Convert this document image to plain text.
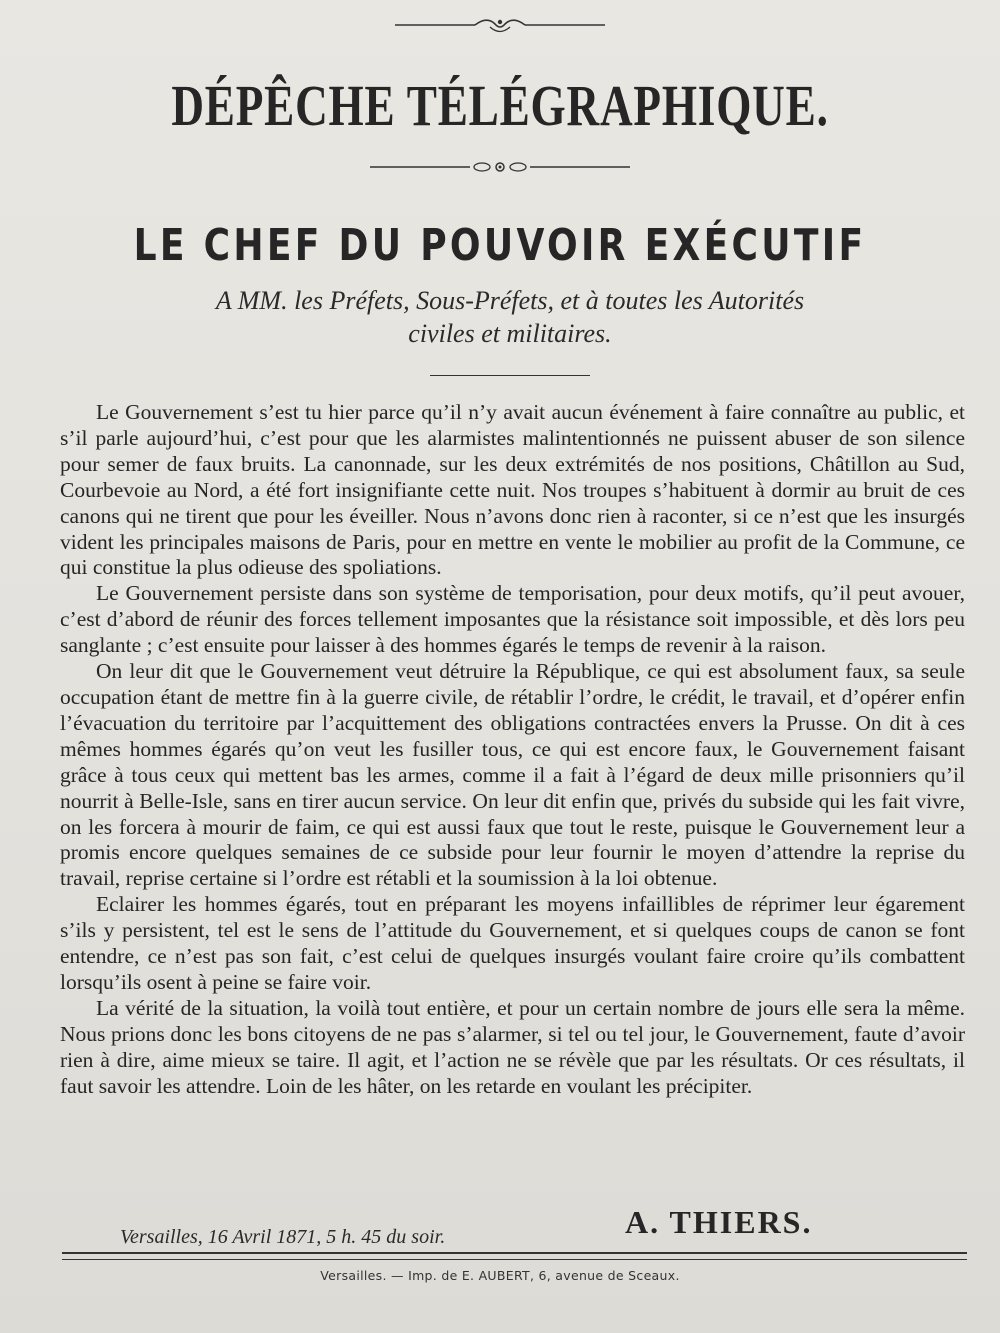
DÉPÊCHE TÉLÉGRAPHIQUE.
LE CHEF DU POUVOIR EXÉCUTIF
A MM. les Préfets, Sous-Préfets, et à toutes les Autorités
civiles et militaires.

Le Gouvernement s’est tu hier parce qu’il n’y avait aucun événement à faire connaître au public, et s’il parle aujourd’hui, c’est pour que les alarmistes malintentionnés ne puissent abuser de son silence pour semer de faux bruits. La canonnade, sur les deux extrémités de nos positions, Châtillon au Sud, Courbevoie au Nord, a été fort insignifiante cette nuit. Nos troupes s’habituent à dormir au bruit de ces canons qui ne tirent que pour les éveiller. Nous n’avons donc rien à raconter, si ce n’est que les insurgés vident les principales maisons de Paris, pour en mettre en vente le mobilier au profit de la Commune, ce qui constitue la plus odieuse des spoliations.

Le Gouvernement persiste dans son système de temporisation, pour deux motifs, qu’il peut avouer, c’est d’abord de réunir des forces tellement imposantes que la résistance soit impossible, et dès lors peu sanglante ; c’est ensuite pour laisser à des hommes égarés le temps de revenir à la raison.

On leur dit que le Gouvernement veut détruire la République, ce qui est absolument faux, sa seule occupation étant de mettre fin à la guerre civile, de rétablir l’ordre, le crédit, le travail, et d’opérer enfin l’évacuation du territoire par l’acquittement des obligations contractées envers la Prusse. On dit à ces mêmes hommes égarés qu’on veut les fusiller tous, ce qui est encore faux, le Gouvernement faisant grâce à tous ceux qui mettent bas les armes, comme il a fait à l’égard de deux mille prisonniers qu’il nourrit à Belle-Isle, sans en tirer aucun service. On leur dit enfin que, privés du subside qui les fait vivre, on les forcera à mourir de faim, ce qui est aussi faux que tout le reste, puisque le Gouvernement leur a promis encore quelques semaines de ce subside pour leur fournir le moyen d’attendre la reprise du travail, reprise certaine si l’ordre est rétabli et la soumission à la loi obtenue.

Eclairer les hommes égarés, tout en préparant les moyens infaillibles de réprimer leur égarement s’ils y persistent, tel est le sens de l’attitude du Gouvernement, et si quelques coups de canon se font entendre, ce n’est pas son fait, c’est celui de quelques insurgés voulant faire croire qu’ils combattent lorsqu’ils osent à peine se faire voir.

La vérité de la situation, la voilà tout entière, et pour un certain nombre de jours elle sera la même. Nous prions donc les bons citoyens de ne pas s’alarmer, si tel ou tel jour, le Gouvernement, faute d’avoir rien à dire, aime mieux se taire. Il agit, et l’action ne se révèle que par les résultats. Or ces résultats, il faut savoir les attendre. Loin de les hâter, on les retarde en voulant les précipiter.

Versailles, 16 Avril 1871, 5 h. 45 du soir.	A. THIERS.
Versailles. — Imp. de E. AUBERT, 6, avenue de Sceaux.
